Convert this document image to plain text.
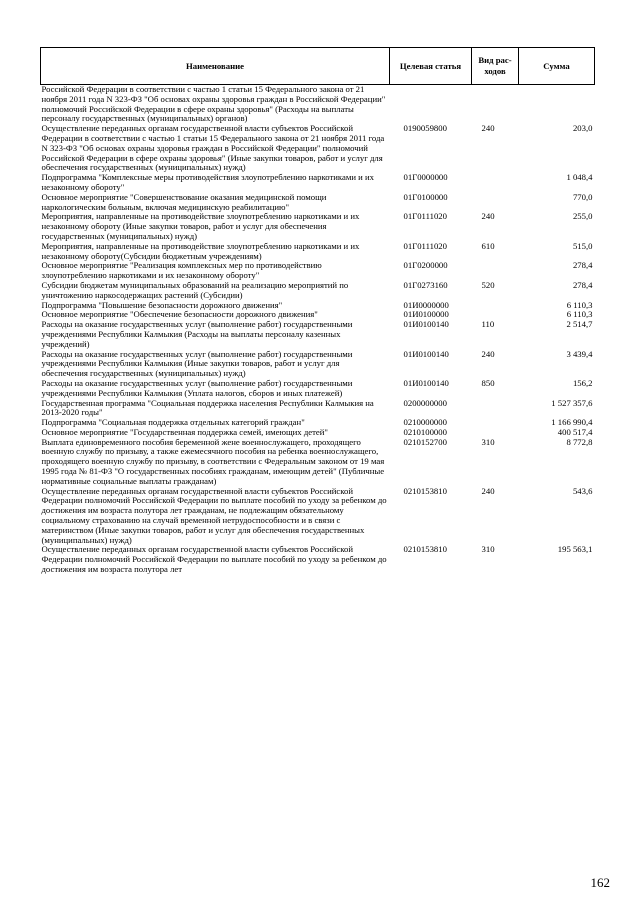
Наименование	Целевая статья	Вид рас-ходов	Сумма
Российской Федерации в соответствии с частью 1 статьи 15 Федерального закона от 21 ноября 2011 года N 323-ФЗ "Об основах охраны здоровья граждан в Российской Федерации" полномочий Российской Федерации в сфере охраны здоровья" (Расходы на выплаты персоналу государственных (муниципальных) органов)			
Осуществление переданных органам государственной власти субъектов Российской Федерации в соответствии с частью 1 статьи 15 Федерального закона от 21 ноября 2011 года N 323-ФЗ "Об основах охраны здоровья граждан в Российской Федерации" полномочий Российской Федерации в сфере охраны здоровья" (Иные закупки товаров, работ и услуг для обеспечения государственных (муниципальных) нужд)	0190059800	240	203,0
Подпрограмма "Комплексные меры противодействия злоупотреблению наркотиками и их незаконному обороту"	01Г0000000		1 048,4
Основное мероприятие "Совершенствование оказания медицинской помощи наркологическим больным, включая медицинскую реабилитацию"	01Г0100000		770,0
Мероприятия, направленные на противодействие злоупотреблению наркотиками и их незаконному обороту (Иные закупки товаров, работ и услуг для обеспечения государственных (муниципальных) нужд)	01Г0111020	240	255,0
Мероприятия, направленные на противодействие злоупотреблению наркотиками и их незаконному обороту(Субсидии бюджетным учреждениям)	01Г0111020	610	515,0
Основное мероприятие "Реализация комплексных мер по противодействию злоупотреблению наркотиками и их незаконному обороту"	01Г0200000		278,4
Субсидии бюджетам муниципальных образований на реализацию мероприятий по уничтожению наркосодержащих растений (Субсидии)	01Г0273160	520	278,4
Подпрограмма "Повышение безопасности дорожного движения"	01И0000000		6 110,3
Основное мероприятие "Обеспечение безопасности дорожного движения"	01И0100000		6 110,3
Расходы на оказание государственных услуг (выполнение работ) государственными учреждениями Республики Калмыкия (Расходы на выплаты персоналу казенных учреждений)	01И0100140	110	2 514,7
Расходы на оказание государственных услуг (выполнение работ) государственными учреждениями Республики Калмыкия (Иные закупки товаров, работ и услуг для обеспечения государственных (муниципальных) нужд)	01И0100140	240	3 439,4
Расходы на оказание государственных услуг (выполнение работ) государственными учреждениями Республики Калмыкия (Уплата налогов, сборов и иных платежей)	01И0100140	850	156,2
Государственная программа "Социальная поддержка населения Республики Калмыкия на 2013-2020 годы"	0200000000		1 527 357,6
Подпрограмма "Социальная поддержка отдельных категорий граждан"	0210000000		1 166 990,4
Основное мероприятие "Государственная поддержка семей, имеющих детей"	0210100000		400 517,4
Выплата единовременного пособия беременной жене военнослужащего, проходящего военную службу по призыву, а также ежемесячного пособия на ребенка военнослужащего, проходящего военную службу по призыву, в соответствии с Федеральным законом от 19 мая 1995 года № 81-ФЗ "О государственных пособиях гражданам, имеющим детей" (Публичные нормативные социальные выплаты гражданам)	0210152700	310	8 772,8
Осуществление переданных органам государственной власти субъектов Российской Федерации полномочий Российской Федерации по выплате пособий по уходу за ребенком до достижения им возраста полутора лет гражданам, не подлежащим обязательному социальному страхованию на случай временной нетрудоспособности и в связи с материнством (Иные закупки товаров, работ и услуг для обеспечения государственных (муниципальных) нужд)	0210153810	240	543,6
Осуществление переданных органам государственной власти субъектов Российской Федерации полномочий Российской Федерации по выплате пособий по уходу за ребенком до достижения им возраста полутора лет	0210153810	310	195 563,1
162
